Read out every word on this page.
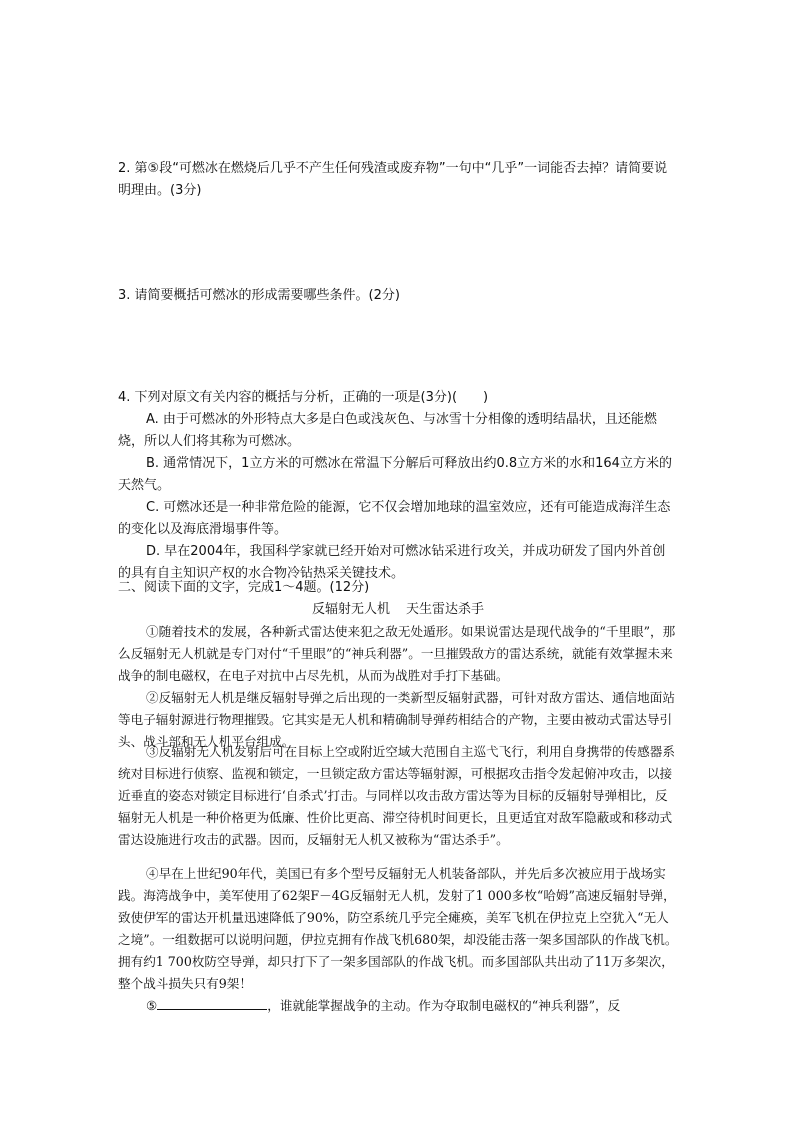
2. 第⑤段“可燃冰在燃烧后几乎不产生任何残渣或废弃物”一句中“几乎”一词能否去掉？请简要说明理由。(3分)

3. 请简要概括可燃冰的形成需要哪些条件。(2分)

4. 下列对原文有关内容的概括与分析，正确的一项是(3分)(　　)

A. 由于可燃冰的外形特点大多是白色或浅灰色、与冰雪十分相像的透明结晶状，且还能燃烧，所以人们将其称为可燃冰。

B. 通常情况下，1立方米的可燃冰在常温下分解后可释放出约0.8立方米的水和164立方米的天然气。

C. 可燃冰还是一种非常危险的能源，它不仅会增加地球的温室效应，还有可能造成海洋生态的变化以及海底滑塌事件等。

D. 早在2004年，我国科学家就已经开始对可燃冰钻采进行攻关，并成功研发了国内外首创的具有自主知识产权的水合物冷钻热采关键技术。

二、阅读下面的文字，完成1～4题。(12分)

反辐射无人机 天生雷达杀手

①随着技术的发展，各种新式雷达使来犯之敌无处遁形。如果说雷达是现代战争的“千里眼”，那么反辐射无人机就是专门对付“千里眼”的“神兵利器”。一旦摧毁敌方的雷达系统，就能有效掌握未来战争的制电磁权，在电子对抗中占尽先机，从而为战胜对手打下基础。

②反辐射无人机是继反辐射导弹之后出现的一类新型反辐射武器，可针对敌方雷达、通信地面站等电子辐射源进行物理摧毁。它其实是无人机和精确制导弹药相结合的产物，主要由被动式雷达导引头、战斗部和无人机平台组成。

③反辐射无人机发射后可在目标上空或附近空域大范围自主巡弋飞行，利用自身携带的传感器系统对目标进行侦察、监视和锁定，一旦锁定敌方雷达等辐射源，可根据攻击指令发起俯冲攻击，以接近垂直的姿态对锁定目标进行‘自杀式’打击。与同样以攻击敌方雷达等为目标的反辐射导弹相比，反辐射无人机是一种价格更为低廉、性价比更高、滞空待机时间更长，且更适宜对敌军隐蔽或和移动式雷达设施进行攻击的武器。因而，反辐射无人机又被称为“雷达杀手”。

④早在上世纪90年代，美国已有多个型号反辐射无人机装备部队，并先后多次被应用于战场实践。海湾战争中，美军使用了62架F－4G反辐射无人机，发射了1 000多枚“哈姆”高速反辐射导弹，致使伊军的雷达开机量迅速降低了90%，防空系统几乎完全瘫痪，美军飞机在伊拉克上空犹入“无人之境”。一组数据可以说明问题，伊拉克拥有作战飞机680架，却没能击落一架多国部队的作战飞机。拥有约1 700枚防空导弹，却只打下了一架多国部队的作战飞机。而多国部队共出动了11万多架次，整个战斗损失只有9架！

⑤	，谁就能掌握战争的主动。作为夺取制电磁权的“神兵利器”，反
